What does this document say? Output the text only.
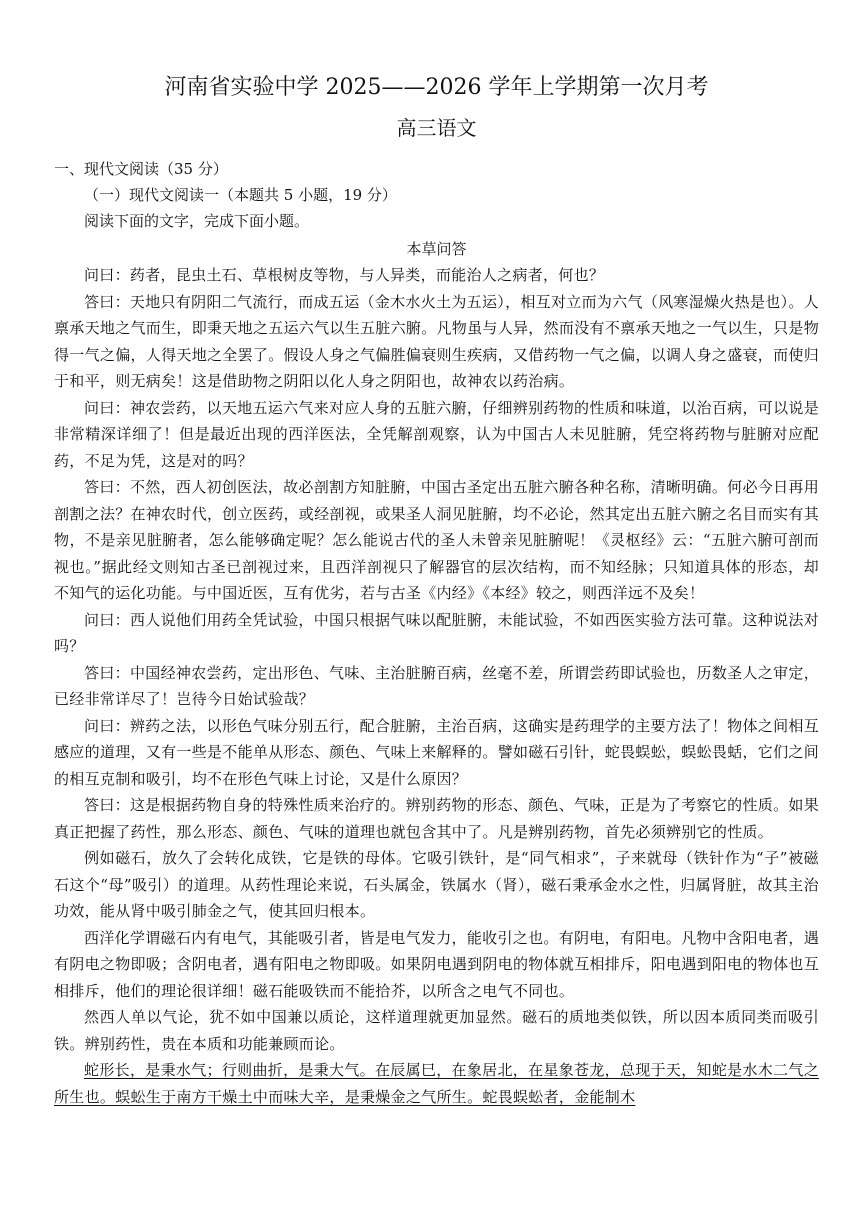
河南省实验中学 2025——2026 学年上学期第一次月考
高三语文

一、现代文阅读（35 分）

（一）现代文阅读一（本题共 5 小题，19 分）

阅读下面的文字，完成下面小题。

本草问答

问曰：药者，昆虫土石、草根树皮等物，与人异类，而能治人之病者，何也？

答曰：天地只有阴阳二气流行，而成五运（金木水火土为五运），相互对立而为六气（风寒湿燥火热是也）。人禀承天地之气而生，即秉天地之五运六气以生五脏六腑。凡物虽与人异，然而没有不禀承天地之一气以生，只是物得一气之偏，人得天地之全罢了。假设人身之气偏胜偏衰则生疾病，又借药物一气之偏，以调人身之盛衰，而使归于和平，则无病矣！这是借助物之阴阳以化人身之阴阳也，故神农以药治病。

问曰：神农尝药，以天地五运六气来对应人身的五脏六腑，仔细辨别药物的性质和味道，以治百病，可以说是非常精深详细了！但是最近出现的西洋医法，全凭解剖观察，认为中国古人未见脏腑，凭空将药物与脏腑对应配药，不足为凭，这是对的吗？

答曰：不然，西人初创医法，故必剖割方知脏腑，中国古圣定出五脏六腑各种名称，清晰明确。何必今日再用剖割之法？在神农时代，创立医药，或经剖视，或果圣人洞见脏腑，均不必论，然其定出五脏六腑之名目而实有其物，不是亲见脏腑者，怎么能够确定呢？怎么能说古代的圣人未曾亲见脏腑呢！《灵枢经》云：“五脏六腑可剖而视也。”据此经文则知古圣已剖视过来，且西洋剖视只了解器官的层次结构，而不知经脉；只知道具体的形态，却不知气的运化功能。与中国近医，互有优劣，若与古圣《内经》《本经》较之，则西洋远不及矣！

问曰：西人说他们用药全凭试验，中国只根据气味以配脏腑，未能试验，不如西医实验方法可靠。这种说法对吗？

答曰：中国经神农尝药，定出形色、气味、主治脏腑百病，丝毫不差，所谓尝药即试验也，历数圣人之审定，已经非常详尽了！岂待今日始试验哉？

问曰：辨药之法，以形色气味分别五行，配合脏腑，主治百病，这确实是药理学的主要方法了！物体之间相互感应的道理，又有一些是不能单从形态、颜色、气味上来解释的。譬如磁石引针，蛇畏蜈蚣，蜈蚣畏蛞，它们之间的相互克制和吸引，均不在形色气味上讨论，又是什么原因？

答曰：这是根据药物自身的特殊性质来治疗的。辨别药物的形态、颜色、气味，正是为了考察它的性质。如果真正把握了药性，那么形态、颜色、气味的道理也就包含其中了。凡是辨别药物，首先必须辨别它的性质。

例如磁石，放久了会转化成铁，它是铁的母体。它吸引铁针，是“同气相求”，子来就母（铁针作为“子”被磁石这个“母”吸引）的道理。从药性理论来说，石头属金，铁属水（肾），磁石秉承金水之性，归属肾脏，故其主治功效，能从肾中吸引肺金之气，使其回归根本。

西洋化学谓磁石内有电气，其能吸引者，皆是电气发力，能收引之也。有阴电，有阳电。凡物中含阳电者，遇有阴电之物即吸；含阴电者，遇有阳电之物即吸。如果阴电遇到阴电的物体就互相排斥，阳电遇到阳电的物体也互相排斥，他们的理论很详细！磁石能吸铁而不能拾芥，以所含之电气不同也。

然西人单以气论，犹不如中国兼以质论，这样道理就更加显然。磁石的质地类似铁，所以因本质同类而吸引铁。辨别药性，贵在本质和功能兼顾而论。

蛇形长，是秉水气；行则曲折，是秉大气。在辰属巳，在象居北，在星象苍龙，总现于天，知蛇是水木二气之所生也。蜈蚣生于南方干燥土中而味大辛，是秉燥金之气所生。蛇畏蜈蚣者，金能制木
